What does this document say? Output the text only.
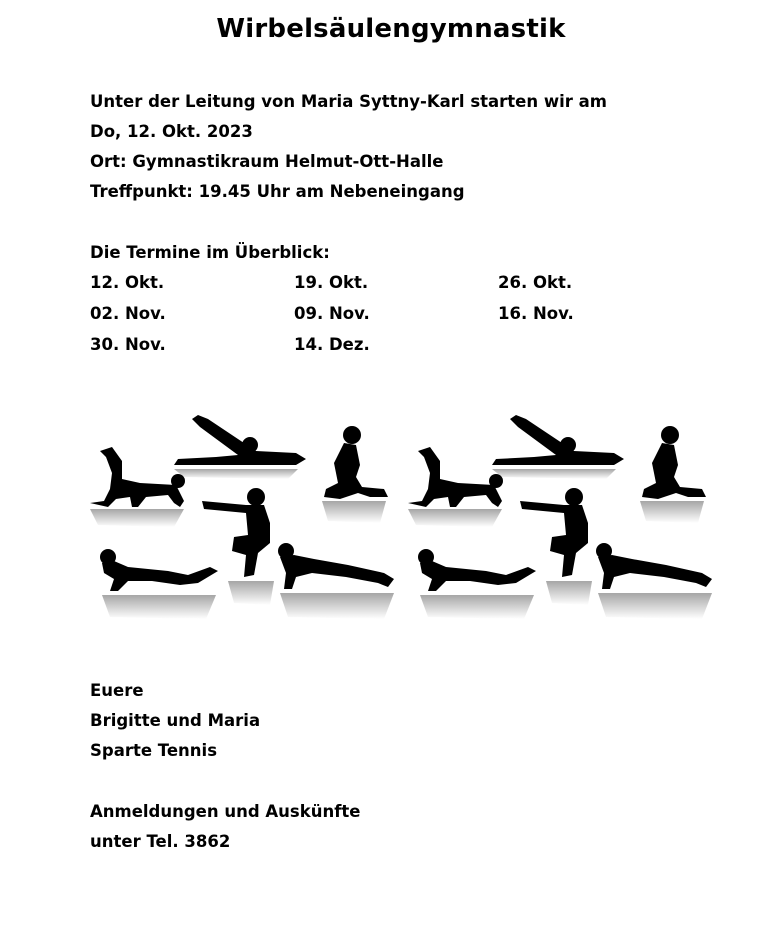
Wirbelsäulengymnastik
Unter der Leitung von Maria Syttny-Karl starten wir am
Do, 12. Okt. 2023
Ort: Gymnastikraum Helmut-Ott-Halle
Treffpunkt: 19.45 Uhr am Nebeneingang
Die Termine im Überblick:
12. Okt.	19. Okt.	26. Okt.
02. Nov.	09. Nov.	16. Nov.
30. Nov.	14. Dez.
Euere
Brigitte und Maria
Sparte Tennis
Anmeldungen und Auskünfte
unter Tel. 3862
